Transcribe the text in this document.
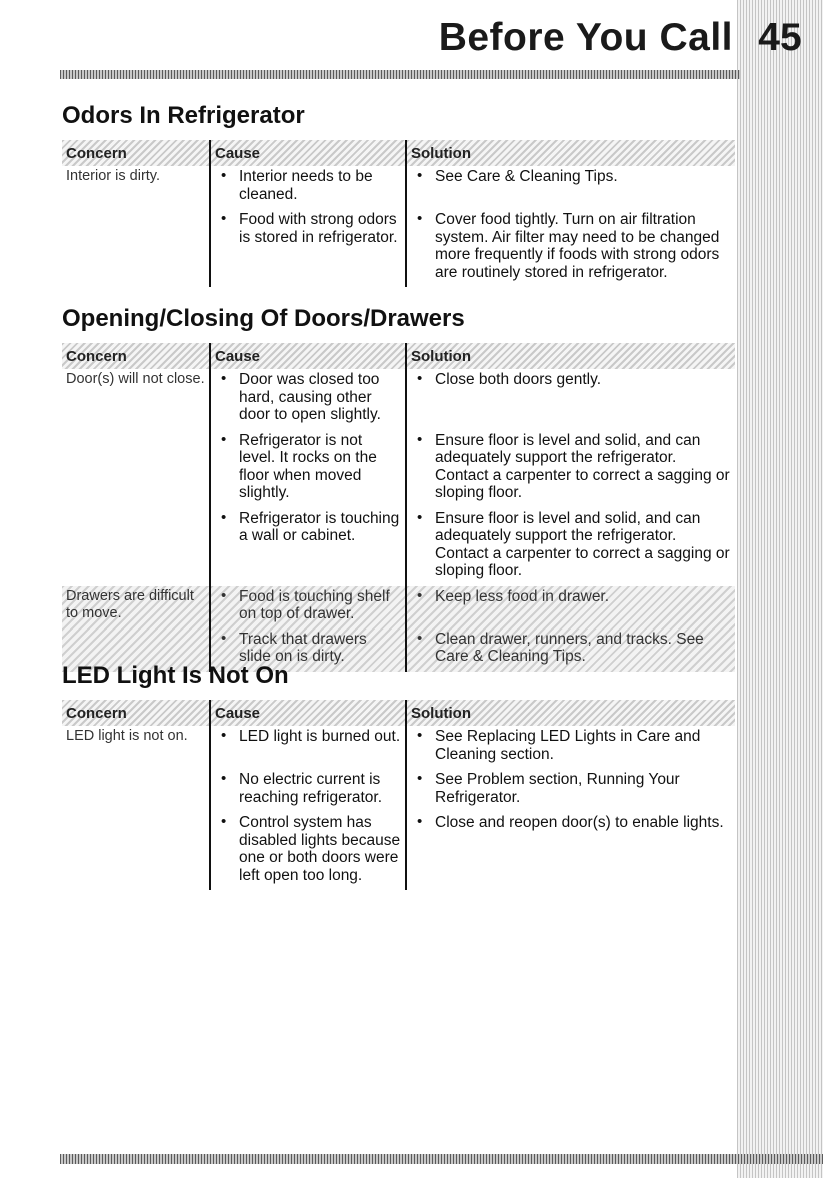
Before You Call 45
Odors In Refrigerator
Concern	Cause	Solution
Interior is dirty.	• Interior needs to be cleaned.	• See Care & Cleaning Tips.
	• Food with strong odors is stored in refrigerator.	• Cover food tightly. Turn on air filtration system. Air filter may need to be changed more frequently if foods with strong odors are routinely stored in refrigerator.
Opening/Closing Of Doors/Drawers
Concern	Cause	Solution
Door(s) will not close.	• Door was closed too hard, causing other door to open slightly.	• Close both doors gently.
	• Refrigerator is not level. It rocks on the floor when moved slightly.	• Ensure floor is level and solid, and can adequately support the refrigerator. Contact a carpenter to correct a sagging or sloping floor.
	• Refrigerator is touching a wall or cabinet.	• Ensure floor is level and solid, and can adequately support the refrigerator. Contact a carpenter to correct a sagging or sloping floor.
Drawers are difficult to move.	• Food is touching shelf on top of drawer.	• Keep less food in drawer.
	• Track that drawers slide on is dirty.	• Clean drawer, runners, and tracks. See Care & Cleaning Tips.
LED Light Is Not On
Concern	Cause	Solution
LED light is not on.	• LED light is burned out.	• See Replacing LED Lights in Care and Cleaning section.
	• No electric current is reaching refrigerator.	• See Problem section, Running Your Refrigerator.
	• Control system has disabled lights because one or both doors were left open too long.	• Close and reopen door(s) to enable lights.
